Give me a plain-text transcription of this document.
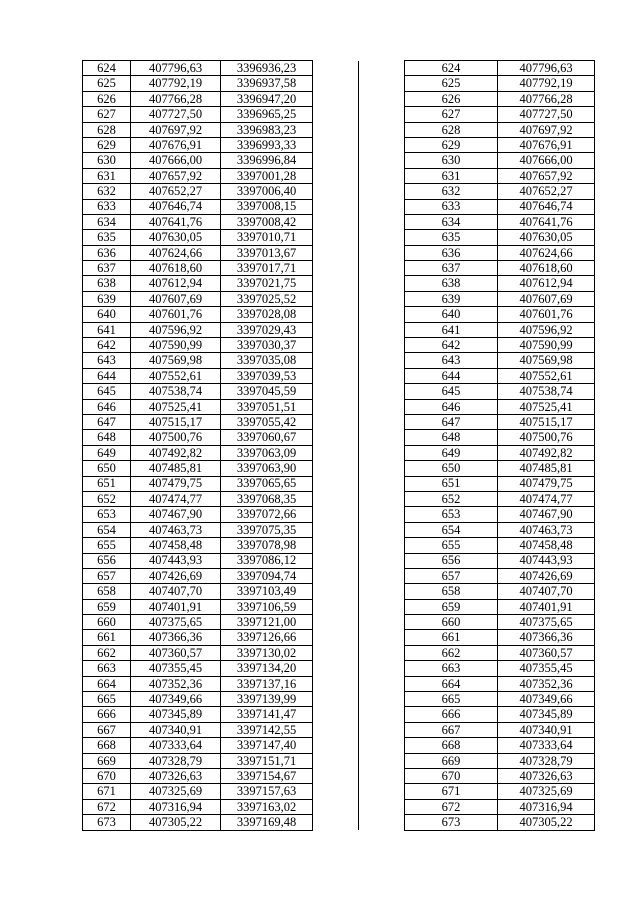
624	407796,63	3396936,23			624	407796,63	
625	407792,19	3396937,58			625	407792,19	
626	407766,28	3396947,20			626	407766,28	
627	407727,50	3396965,25			627	407727,50	
628	407697,92	3396983,23			628	407697,92	
629	407676,91	3396993,33			629	407676,91	
630	407666,00	3396996,84			630	407666,00	
631	407657,92	3397001,28			631	407657,92	
632	407652,27	3397006,40			632	407652,27	
633	407646,74	3397008,15			633	407646,74	
634	407641,76	3397008,42			634	407641,76	
635	407630,05	3397010,71			635	407630,05	
636	407624,66	3397013,67			636	407624,66	
637	407618,60	3397017,71			637	407618,60	
638	407612,94	3397021,75			638	407612,94	
639	407607,69	3397025,52			639	407607,69	
640	407601,76	3397028,08			640	407601,76	
641	407596,92	3397029,43			641	407596,92	
642	407590,99	3397030,37			642	407590,99	
643	407569,98	3397035,08			643	407569,98	
644	407552,61	3397039,53			644	407552,61	
645	407538,74	3397045,59			645	407538,74	
646	407525,41	3397051,51			646	407525,41	
647	407515,17	3397055,42			647	407515,17	
648	407500,76	3397060,67			648	407500,76	
649	407492,82	3397063,09			649	407492,82	
650	407485,81	3397063,90			650	407485,81	
651	407479,75	3397065,65			651	407479,75	
652	407474,77	3397068,35			652	407474,77	
653	407467,90	3397072,66			653	407467,90	
654	407463,73	3397075,35			654	407463,73	
655	407458,48	3397078,98			655	407458,48	
656	407443,93	3397086,12			656	407443,93	
657	407426,69	3397094,74			657	407426,69	
658	407407,70	3397103,49			658	407407,70	
659	407401,91	3397106,59			659	407401,91	
660	407375,65	3397121,00			660	407375,65	
661	407366,36	3397126,66			661	407366,36	
662	407360,57	3397130,02			662	407360,57	
663	407355,45	3397134,20			663	407355,45	
664	407352,36	3397137,16			664	407352,36	
665	407349,66	3397139,99			665	407349,66	
666	407345,89	3397141,47			666	407345,89	
667	407340,91	3397142,55			667	407340,91	
668	407333,64	3397147,40			668	407333,64	
669	407328,79	3397151,71			669	407328,79	
670	407326,63	3397154,67			670	407326,63	
671	407325,69	3397157,63			671	407325,69	
672	407316,94	3397163,02			672	407316,94	
673	407305,22	3397169,48			673	407305,22	
